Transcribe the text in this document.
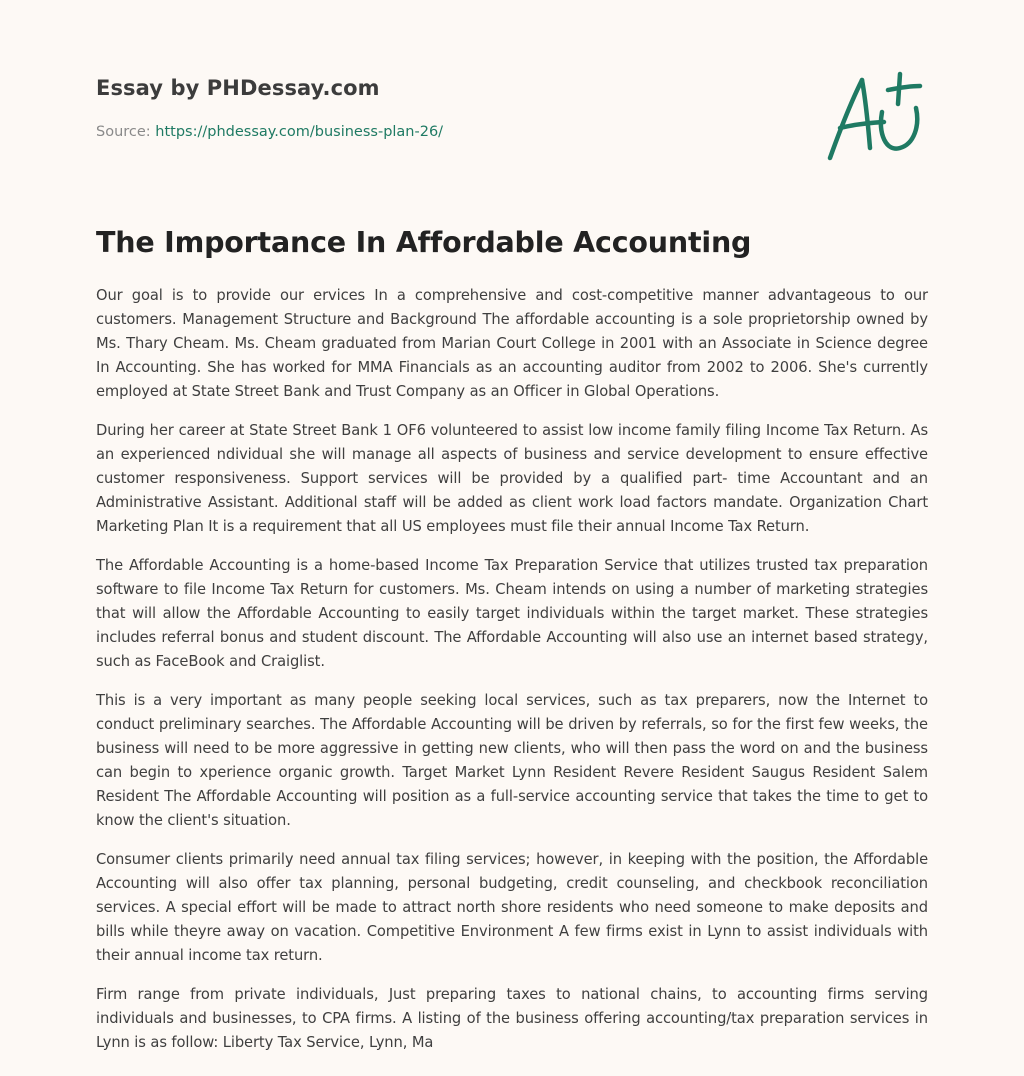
Essay by PHDessay.com
Source: https://phdessay.com/business-plan-26/
The Importance In Affordable Accounting

Our goal is to provide our ervices In a comprehensive and cost-competitive manner advantageous to our customers. Management Structure and Background The affordable accounting is a sole proprietorship owned by Ms. Thary Cheam. Ms. Cheam graduated from Marian Court College in 2001 with an Associate in Science degree In Accounting. She has worked for MMA Financials as an accounting auditor from 2002 to 2006. She's currently employed at State Street Bank and Trust Company as an Officer in Global Operations.

During her career at State Street Bank 1 OF6 volunteered to assist low income family filing Income Tax Return. As an experienced ndividual she will manage all aspects of business and service development to ensure effective customer responsiveness. Support services will be provided by a qualified part- time Accountant and an Administrative Assistant. Additional staff will be added as client work load factors mandate. Organization Chart Marketing Plan It is a requirement that all US employees must file their annual Income Tax Return.

The Affordable Accounting is a home-based Income Tax Preparation Service that utilizes trusted tax preparation software to file Income Tax Return for customers. Ms. Cheam intends on using a number of marketing strategies that will allow the Affordable Accounting to easily target individuals within the target market. These strategies includes referral bonus and student discount. The Affordable Accounting will also use an internet based strategy, such as FaceBook and Craiglist.

This is a very important as many people seeking local services, such as tax preparers, now the Internet to conduct preliminary searches. The Affordable Accounting will be driven by referrals, so for the first few weeks, the business will need to be more aggressive in getting new clients, who will then pass the word on and the business can begin to xperience organic growth. Target Market Lynn Resident Revere Resident Saugus Resident Salem Resident The Affordable Accounting will position as a full-service accounting service that takes the time to get to know the client's situation.

Consumer clients primarily need annual tax filing services; however, in keeping with the position, the Affordable Accounting will also offer tax planning, personal budgeting, credit counseling, and checkbook reconciliation services. A special effort will be made to attract north shore residents who need someone to make deposits and bills while theyre away on vacation. Competitive Environment A few firms exist in Lynn to assist individuals with their annual income tax return.

Firm range from private individuals, Just preparing taxes to national chains, to accounting firms serving individuals and businesses, to CPA firms. A listing of the business offering accounting/tax preparation services in Lynn is as follow: Liberty Tax Service, Lynn, Ma
